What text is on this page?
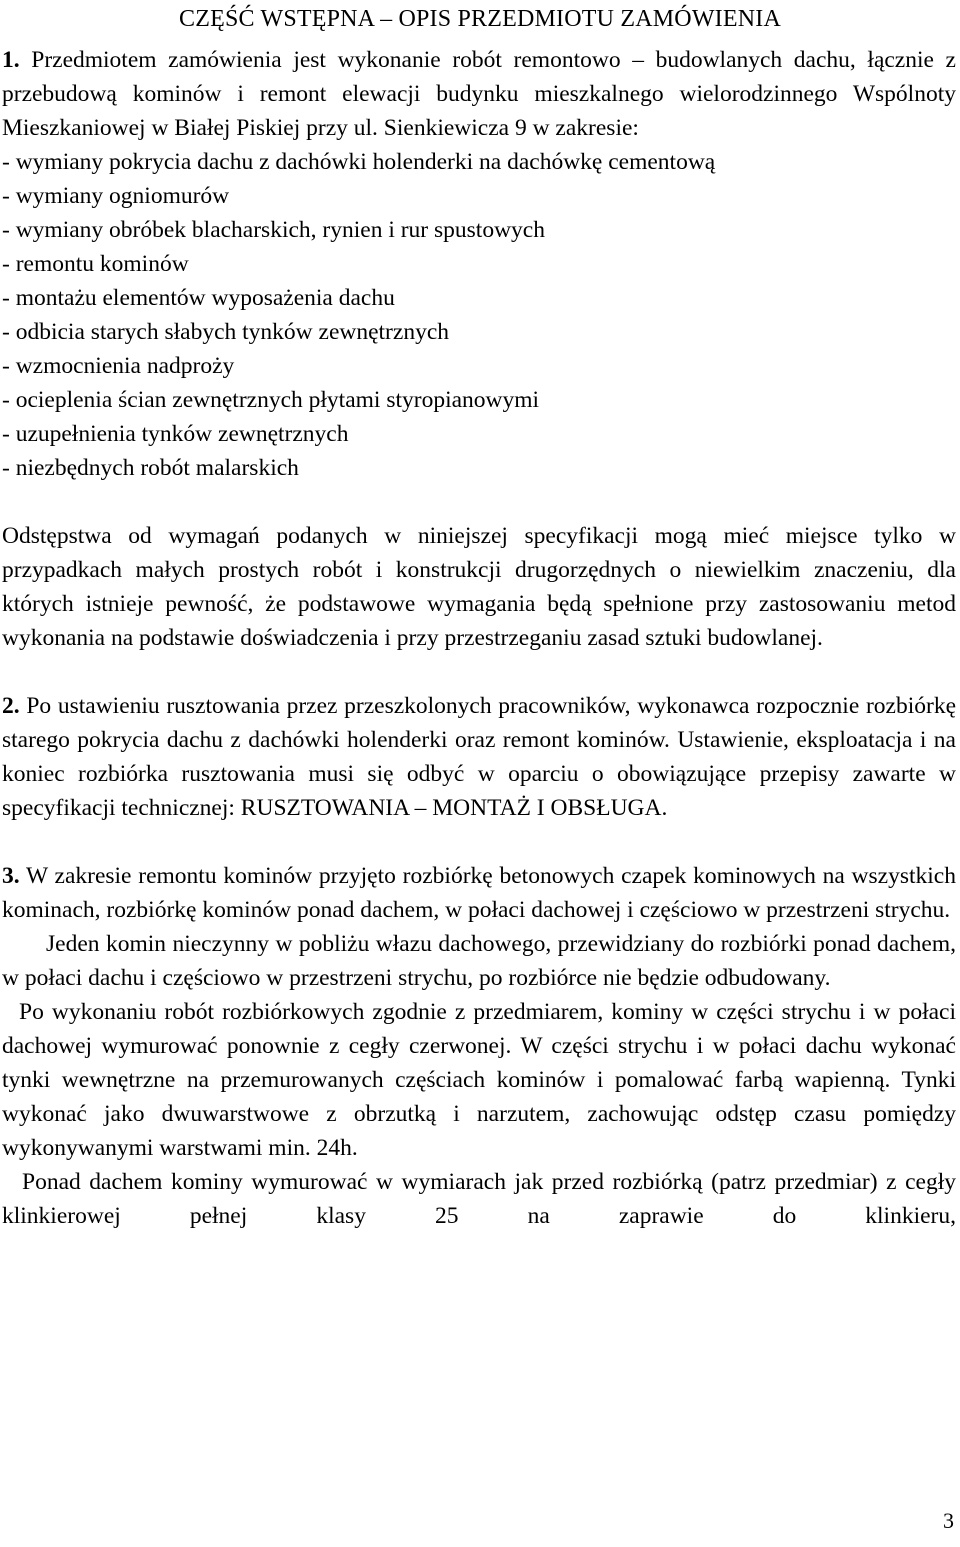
CZĘŚĆ WSTĘPNA – OPIS PRZEDMIOTU ZAMÓWIENIA

1. Przedmiotem zamówienia jest wykonanie robót remontowo – budowlanych dachu, łącznie z przebudową kominów i remont elewacji budynku mieszkalnego wielorodzinnego Wspólnoty Mieszkaniowej w Białej Piskiej przy ul. Sienkiewicza 9 w zakresie:

- wymiany pokrycia dachu z dachówki holenderki na dachówkę cementową
- wymiany ogniomurów
- wymiany obróbek blacharskich, rynien i rur spustowych
- remontu kominów
- montażu elementów wyposażenia dachu
- odbicia starych słabych tynków zewnętrznych
- wzmocnienia nadproży
- ocieplenia ścian zewnętrznych płytami styropianowymi
- uzupełnienia tynków zewnętrznych
- niezbędnych robót malarskich

Odstępstwa od wymagań podanych w niniejszej specyfikacji mogą mieć miejsce tylko w przypadkach małych prostych robót i konstrukcji drugorzędnych o niewielkim znaczeniu, dla których istnieje pewność, że podstawowe wymagania będą spełnione przy zastosowaniu metod wykonania na podstawie doświadczenia i przy przestrzeganiu zasad sztuki budowlanej.

2. Po ustawieniu rusztowania przez przeszkolonych pracowników, wykonawca rozpocznie rozbiórkę starego pokrycia dachu z dachówki holenderki oraz remont kominów. Ustawienie, eksploatacja i na koniec rozbiórka rusztowania musi się odbyć w oparciu o obowiązujące przepisy zawarte w specyfikacji technicznej: RUSZTOWANIA – MONTAŻ I OBSŁUGA.

3. W zakresie remontu kominów przyjęto rozbiórkę betonowych czapek kominowych na wszystkich kominach, rozbiórkę kominów ponad dachem, w połaci dachowej i częściowo w przestrzeni strychu.

Jeden komin nieczynny w pobliżu włazu dachowego, przewidziany do rozbiórki ponad dachem, w połaci dachu i częściowo w przestrzeni strychu, po rozbiórce nie będzie odbudowany.

Po wykonaniu robót rozbiórkowych zgodnie z przedmiarem, kominy w części strychu i w połaci dachowej wymurować ponownie z cegły czerwonej. W części strychu i w połaci dachu wykonać tynki wewnętrzne na przemurowanych częściach kominów i pomalować farbą wapienną. Tynki wykonać jako dwuwarstwowe z obrzutką i narzutem, zachowując odstęp czasu pomiędzy wykonywanymi warstwami min. 24h.

Ponad dachem kominy wymurować w wymiarach jak przed rozbiórką (patrz przedmiar) z cegły klinkierowej pełnej klasy 25 na zaprawie do klinkieru,

3
